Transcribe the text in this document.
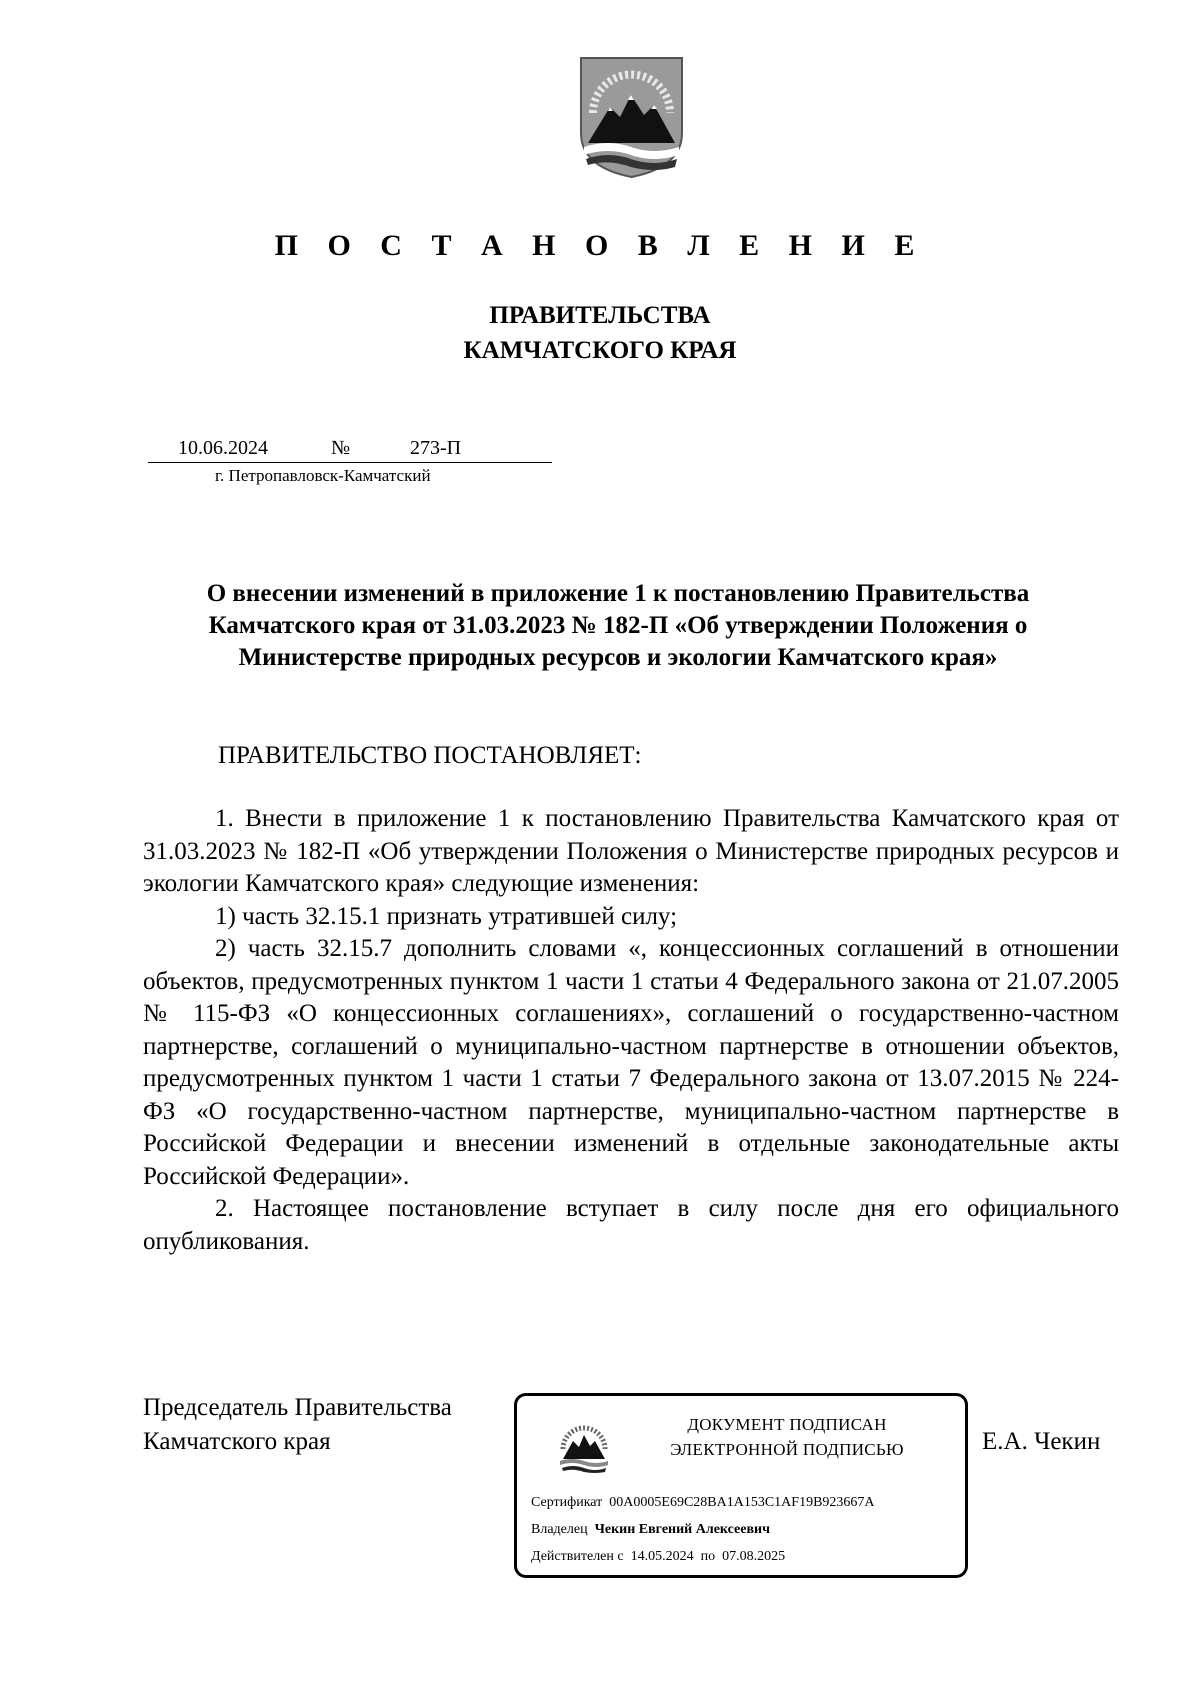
П О С Т А Н О В Л Е Н И Е
ПРАВИТЕЛЬСТВА
КАМЧАТСКОГО КРАЯ
10.06.2024	№	273-П
г. Петропавловск-Камчатский
О внесении изменений в приложение 1 к постановлению Правительства
Камчатского края от 31.03.2023 № 182-П «Об утверждении Положения о
Министерстве природных ресурсов и экологии Камчатского края»
ПРАВИТЕЛЬСТВО ПОСТАНОВЛЯЕТ:

1. Внести в приложение 1 к постановлению Правительства Камчатского края от 31.03.2023 № 182-П «Об утверждении Положения о Министерстве природных ресурсов и экологии Камчатского края» следующие изменения:

1) часть 32.15.1 признать утратившей силу;

2) часть 32.15.7 дополнить словами «, концессионных соглашений в отношении объектов, предусмотренных пунктом 1 части 1 статьи 4 Федерального закона от 21.07.2005 № 115-ФЗ «О концессионных соглашениях», соглашений о государственно-частном партнерстве, соглашений о муниципально-частном партнерстве в отношении объектов, предусмотренных пунктом 1 части 1 статьи 7 Федерального закона от 13.07.2015 № 224-ФЗ «О государственно-частном партнерстве, муниципально-частном партнерстве в Российской Федерации и внесении изменений в отдельные законодательные акты Российской Федерации».

2. Настоящее постановление вступает в силу после дня его официального опубликования.

Председатель Правительства
Камчатского края	Е.А. Чекин
ДОКУМЕНТ ПОДПИСАН
ЭЛЕКТРОННОЙ ПОДПИСЬЮ
Сертификат 00A0005E69C28BA1A153C1AF19B923667A
Владелец Чекин Евгений Алексеевич
Действителен с 14.05.2024 по 07.08.2025
